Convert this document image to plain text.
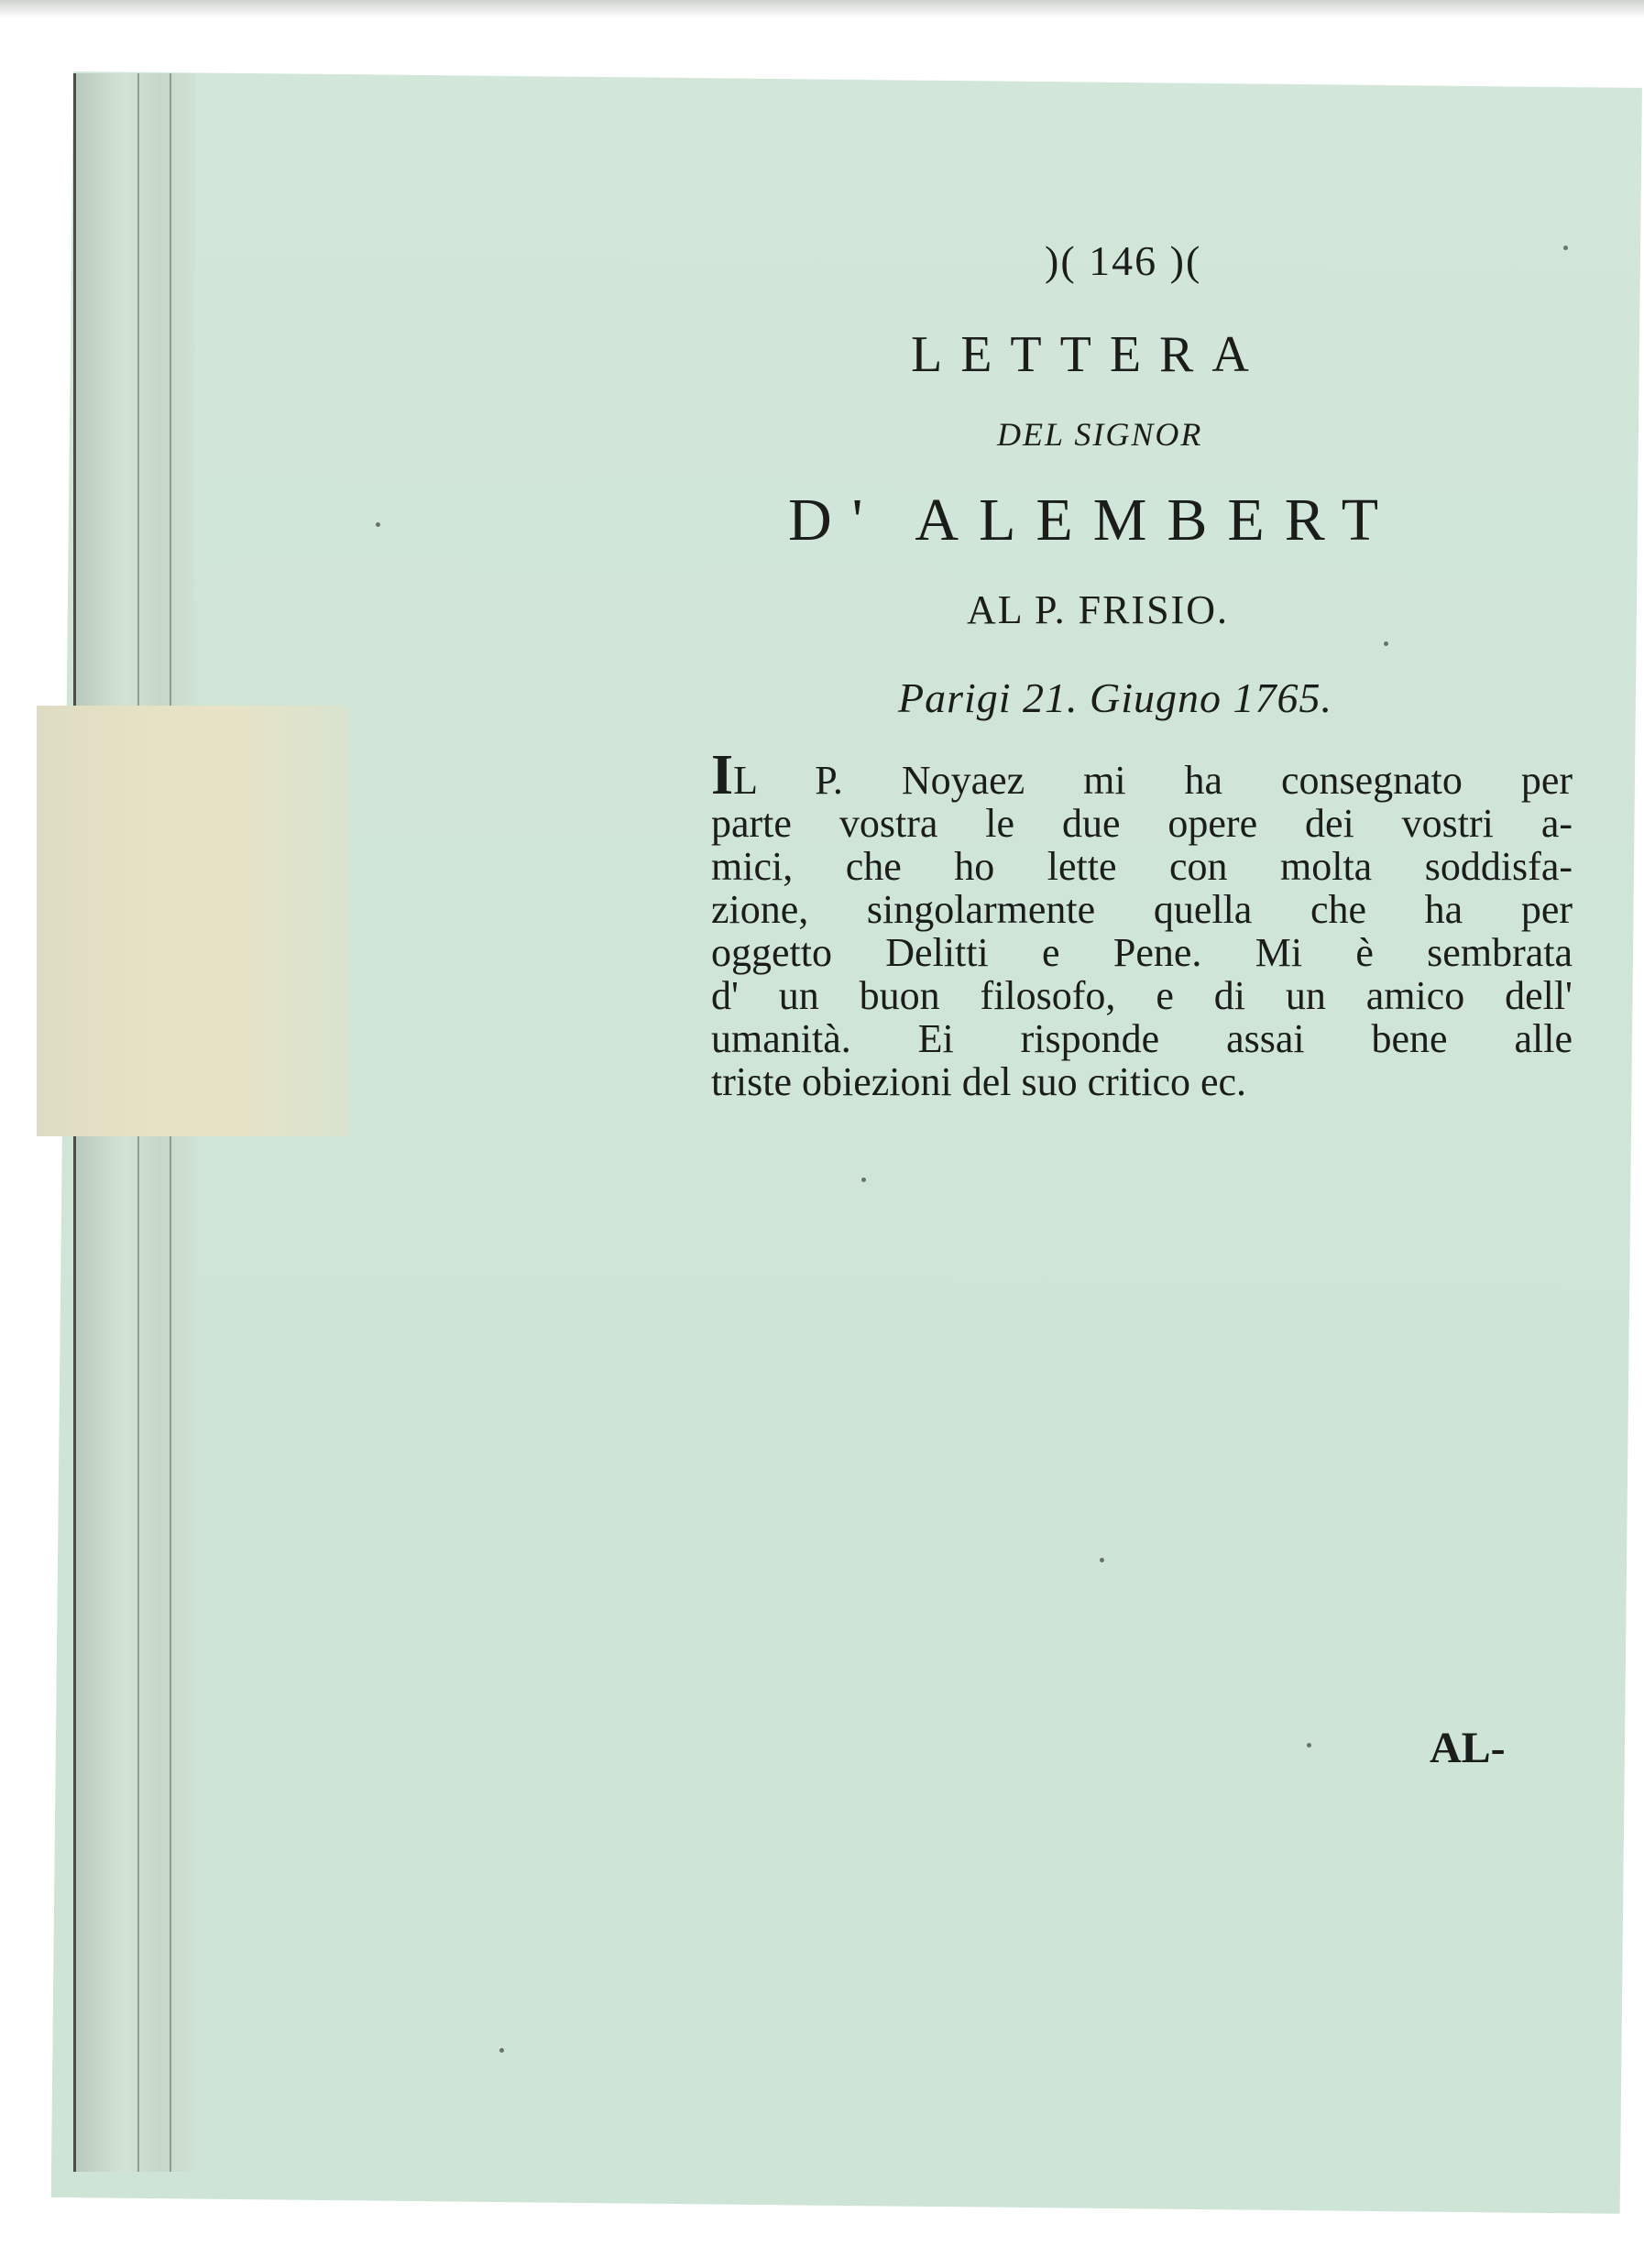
)( 146 )(
LETTERA
DEL SIGNOR
D' ALEMBERT
AL P. FRISIO.
Parigi 21. Giugno 1765.
IL P. Noyaez mi ha consegnato per
parte vostra le due opere dei vostri a-
mici, che ho lette con molta soddisfa-
zione, singolarmente quella che ha per
oggetto Delitti e Pene. Mi è sembrata
d' un buon filosofo, e di un amico dell'
umanità. Ei risponde assai bene alle
triste obiezioni del suo critico ec.
AL-
